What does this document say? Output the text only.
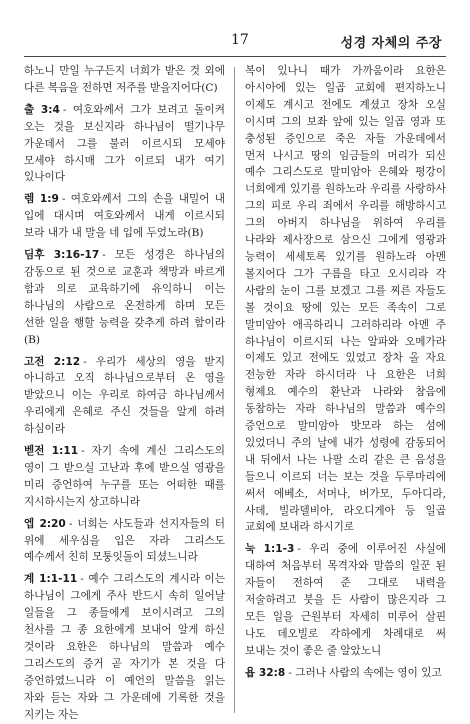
17	성경 자체의 주장

하노니 만일 누구든지 너희가 받은 것 외에 다른 복음을 전하면 저주를 받을지어다(C)

출 3:4 - 여호와께서 그가 보려고 돌이켜 오는 것을 보신지라 하나님이 떨기나무 가운데서 그를 불러 이르시되 모세야 모세야 하시매 그가 이르되 내가 여기 있나이다

렘 1:9 - 여호와께서 그의 손을 내밀어 내 입에 대시며 여호와께서 내게 이르시되 보라 내가 내 말을 네 입에 두었노라(B)

딤후 3:16-17 - 모든 성경은 하나님의 감동으로 된 것으로 교훈과 책망과 바르게 함과 의로 교육하기에 유익하니 이는 하나님의 사람으로 온전하게 하며 모든 선한 일을 행할 능력을 갖추게 하려 함이라(B)

고전 2:12 - 우리가 세상의 영을 받지 아니하고 오직 하나님으로부터 온 영을 받았으니 이는 우리로 하여금 하나님께서 우리에게 은혜로 주신 것들을 알게 하려 하심이라

벧전 1:11 - 자기 속에 계신 그리스도의 영이 그 받으실 고난과 후에 받으실 영광을 미리 증언하여 누구를 또는 어떠한 때를 지시하시는지 상고하니라

엡 2:20 - 너희는 사도들과 선지자들의 터 위에 세우심을 입은 자라 그리스도 예수께서 친히 모퉁잇돌이 되셨느니라

계 1:1-11 - 예수 그리스도의 계시라 이는 하나님이 그에게 주사 반드시 속히 일어날 일들을 그 종들에게 보이시려고 그의 천사를 그 종 요한에게 보내어 알게 하신 것이라 요한은 하나님의 말씀과 예수 그리스도의 증거 곧 자기가 본 것을 다 증언하였느니라 이 예언의 말씀을 읽는 자와 듣는 자와 그 가운데에 기록한 것을 지키는 자는

복이 있나니 때가 가까움이라 요한은 아시아에 있는 일곱 교회에 편지하노니 이제도 계시고 전에도 계셨고 장차 오실 이시며 그의 보좌 앞에 있는 일곱 영과 또 충성된 증인으로 죽은 자들 가운데에서 먼저 나시고 땅의 임금들의 머리가 되신 예수 그리스도로 말미암아 은혜와 평강이 너희에게 있기를 원하노라 우리를 사랑하사 그의 피로 우리 죄에서 우리를 해방하시고 그의 아버지 하나님을 위하여 우리를 나라와 제사장으로 삼으신 그에게 영광과 능력이 세세토록 있기를 원하노라 아멘 볼지어다 그가 구름을 타고 오시리라 각 사람의 눈이 그를 보겠고 그를 찌른 자들도 볼 것이요 땅에 있는 모든 족속이 그로 말미암아 애곡하리니 그러하리라 아멘 주 하나님이 이르시되 나는 알파와 오메가라 이제도 있고 전에도 있었고 장차 올 자요 전능한 자라 하시더라 나 요한은 너희 형제요 예수의 환난과 나라와 참음에 동참하는 자라 하나님의 말씀과 예수의 증언으로 말미암아 밧모라 하는 섬에 있었더니 주의 날에 내가 성령에 감동되어 내 뒤에서 나는 나팔 소리 같은 큰 음성을 들으니 이르되 너는 보는 것을 두루마리에 써서 에베소, 서머나, 버가모, 두아디라, 사데, 빌라델비아, 라오디게아 등 일곱 교회에 보내라 하시기로

눅 1:1-3 - 우리 중에 이루어진 사실에 대하여 처음부터 목격자와 말씀의 일꾼 된 자들이 전하여 준 그대로 내력을 저술하려고 붓을 든 사람이 많은지라 그 모든 일을 근원부터 자세히 미루어 살핀 나도 데오빌로 각하에게 차례대로 써 보내는 것이 좋은 줄 알았노니

욥 32:8 - 그러나 사람의 속에는 영이 있고
